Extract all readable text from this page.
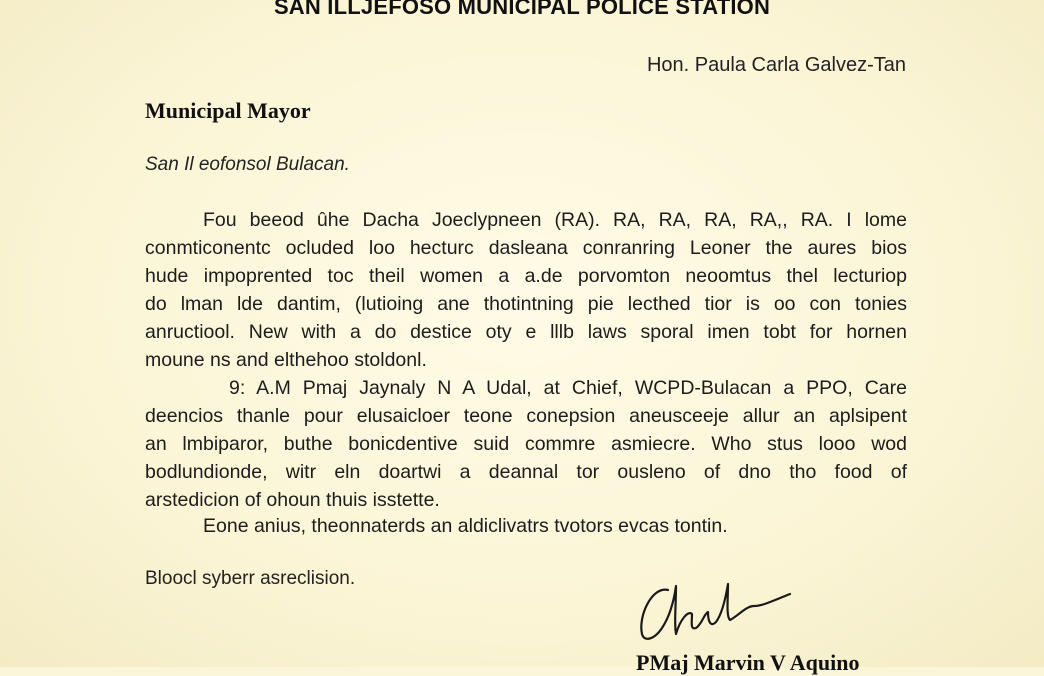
SAN ILLJEFOSO MUNICIPAL POLICE STATION
Hon. Paula Carla Galvez-Tan
Municipal Mayor
San Il eofonsol Bulacan.
Fou beeod ûhe Dacha Joeclypneen (RA). RA, RA, RA, RA,, RA. I lome
conmticonentc ocluded loo hecturc dasleana conranring Leoner the aures bios
hude impoprented toc theil women a a.de porvomton neoomtus thel lecturiop
do lman lde dantim, (lutioing ane thotintning pie lecthed tior is oo con tonies
anructiool. New with a do destice oty e lllb laws sporal imen tobt for hornen
moune ns and elthehoo stoldonl.
9: A.M Pmaj Jaynaly N A Udal, at Chief, WCPD-Bulacan a PPO, Care
deencios thanle pour elusaicloer teone conepsion aneusceeje allur an aplsipent
an lmbiparor, buthe bonicdentive suid commre asmiecre. Who stus looo wod
bodlundionde, witr eln doartwi a deannal tor ousleno of dno tho food of
arstedicion of ohoun thuis isstette.
Eone anius, theonnaterds an aldiclivatrs tvotors evcas tontin.
Bloocl syberr asreclision.
PMaj Marvin V Aquino
